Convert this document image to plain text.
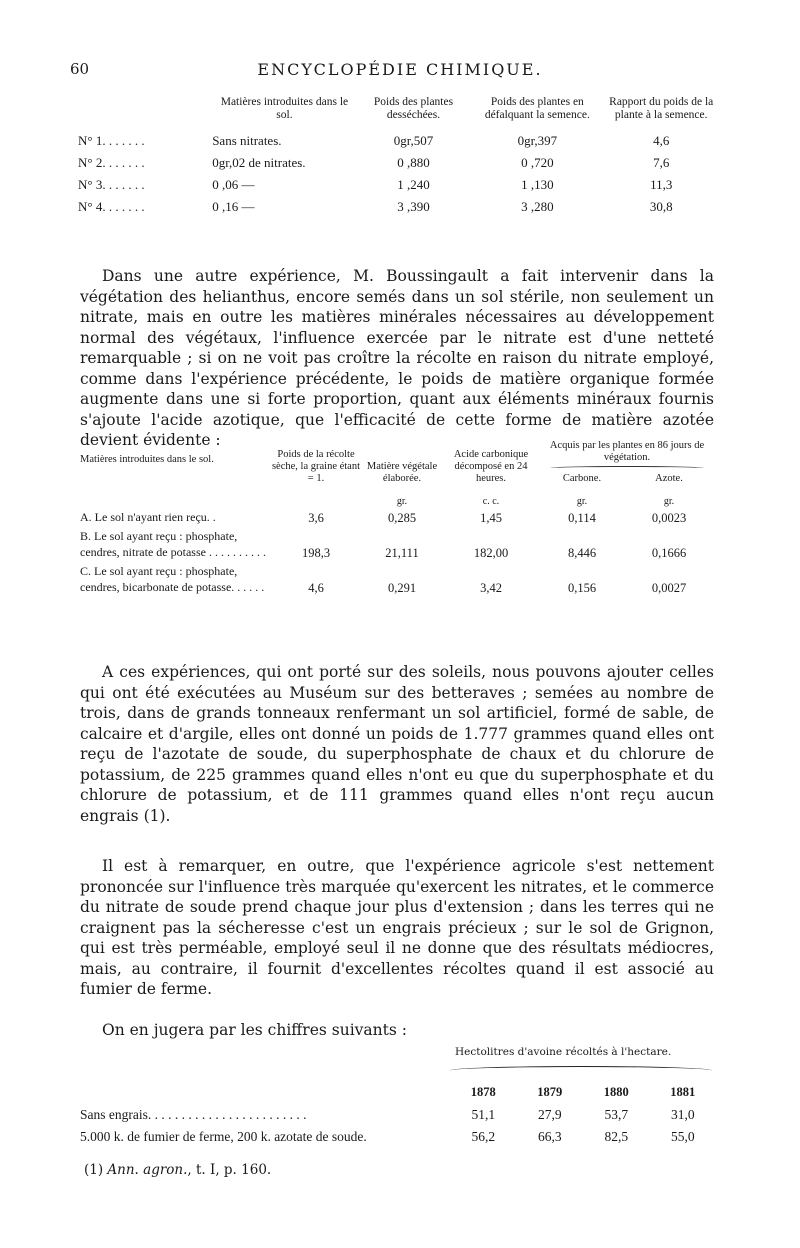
60	ENCYCLOPÉDIE CHIMIQUE.
	Matières introduites dans le sol.	Poids des plantes desséchées.	Poids des plantes en défalquant la semence.	Rapport du poids de la plante à la semence.
N° 1. . . . . . .	Sans nitrates.	0gr,507	0gr,397	4,6
N° 2. . . . . . .	0gr,02 de nitrates.	0 ,880	0 ,720	7,6
N° 3. . . . . . .	0 ,06 —	1 ,240	1 ,130	11,3
N° 4. . . . . . .	0 ,16 —	3 ,390	3 ,280	30,8

Dans une autre expérience, M. Boussingault a fait intervenir dans la végétation des helianthus, encore semés dans un sol stérile, non seulement un nitrate, mais en outre les matières minérales nécessaires au développement normal des végétaux, l'influence exercée par le nitrate est d'une netteté remarquable ; si on ne voit pas croître la récolte en raison du nitrate employé, comme dans l'expérience précédente, le poids de matière organique formée augmente dans une si forte proportion, quant aux éléments minéraux fournis s'ajoute l'acide azotique, que l'efficacité de cette forme de matière azotée devient évidente :

Matières introduites dans le sol.	Poids de la récolte sèche, la graine étant = 1.	Matière végétale élaborée.	Acide carbonique décomposé en 24 heures.	Acquis par les plantes en 86 jours de végétation.	

				Carbone.	Azote.
		gr.	c. c.	gr.	gr.
A. Le sol n'ayant rien reçu. .	3,6	0,285	1,45	0,114	0,0023
B. Le sol ayant reçu : phosphate, cendres, nitrate de potasse . . . . . . . . . .	198,3	21,111	182,00	8,446	0,1666
C. Le sol ayant reçu : phosphate, cendres, bicarbonate de potasse. . . . . .	4,6	0,291	3,42	0,156	0,0027

A ces expériences, qui ont porté sur des soleils, nous pouvons ajouter celles qui ont été exécutées au Muséum sur des betteraves ; semées au nombre de trois, dans de grands tonneaux renfermant un sol artificiel, formé de sable, de calcaire et d'argile, elles ont donné un poids de 1.777 grammes quand elles ont reçu de l'azotate de soude, du superphosphate de chaux et du chlorure de potassium, de 225 grammes quand elles n'ont eu que du superphosphate et du chlorure de potassium, et de 111 grammes quand elles n'ont reçu aucun engrais (1).

Il est à remarquer, en outre, que l'expérience agricole s'est nettement prononcée sur l'influence très marquée qu'exercent les nitrates, et le commerce du nitrate de soude prend chaque jour plus d'extension ; dans les terres qui ne craignent pas la sécheresse c'est un engrais précieux ; sur le sol de Grignon, qui est très perméable, employé seul il ne donne que des résultats médiocres, mais, au contraire, il fournit d'excellentes récoltes quand il est associé au fumier de ferme.

On en jugera par les chiffres suivants :

Hectolitres d'avoine récoltés à l'hectare.
	1878	1879	1880	1881
Sans engrais. . . . . . . . . . . . . . . . . . . . . . . .	51,1	27,9	53,7	31,0
5.000 k. de fumier de ferme, 200 k. azotate de soude.	56,2	66,3	82,5	55,0
(1) Ann. agron., t. I, p. 160.
